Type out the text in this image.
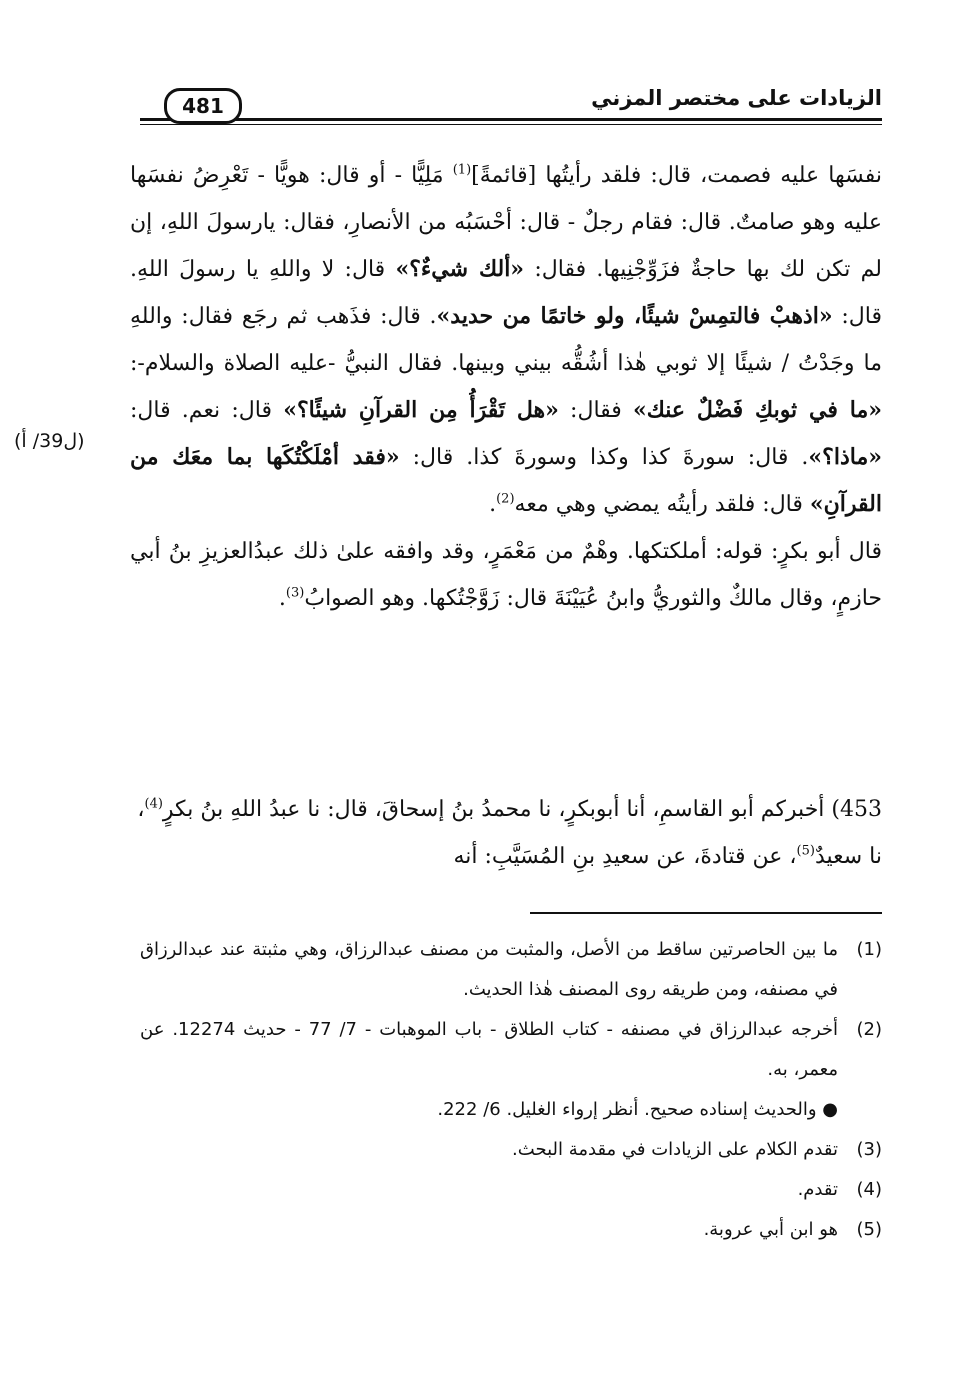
الزيادات على مختصر المزني
481
(ل39/ أ)

نفسَها عليه فصمت، قال: فلقد رأيتُها [قائمةً]$^{(1)}$ مَلِيًّا - أو قال: هويًّا - تَعْرِضُ نفسَها عليه وهو صامتٌ. قال: فقام رجلٌ - قال: أحْسَبُه من الأنصارِ، فقال: يارسولَ اللهِ، إن لم تكن لك بها حاجةٌ فزَوِّجْنِيها. فقال: «ألك شيءٌ؟» قال: لا واللهِ يا رسولَ اللهِ. قال: «اذهبْ فالتمِسْ شيئًا، ولو خاتمًا من حديد». قال: فذَهب ثم رجَع فقال: واللهِ ما وجَدْتُ / شيئًا إلا ثوبي هٰذا أشُقُّه بيني وبينها. فقال النبيُّ -عليه الصلاة والسلام-: «ما في ثوبكِ فَضْلٌ عنك» فقال: «هل تَقْرَأُ مِن القرآنِ شيئًا؟» قال: نعم. قال: «ماذا؟». قال: سورةَ كذا وكذا وسورةَ كذا. قال: «فقد أمْلَكْتُكَها بما معَك من القرآنِ» قال: فلقد رأيتُه يمضي وهي معه$^{(2)}$.

قال أبو بكرٍ: قوله: أملكتكها. وهْمٌ من مَعْمَرٍ، وقد وافقه علىٰ ذلك عبدُالعزيزِ بنُ أبي حازمٍ، وقال مالكٌ والثوريُّ وابنُ عُيَيْنَةَ قال: زَوَّجْتُكها. وهو الصوابُ$^{(3)}$.

453) أخبركم أبو القاسمِ، أنا أبوبكرٍ، نا محمدُ بنُ إسحاقَ، قال: نا عبدُ اللهِ بنُ بكرٍ$^{(4)}$، نا سعيدٌ$^{(5)}$، عن قتادةَ، عن سعيدِ بنِ المُسَيَّبِ: أنه
(1)
ما بين الحاصرتين ساقط من الأصل، والمثبت من مصنف عبدالرزاق، وهي مثبتة عند عبدالرزاق في مصنفه، ومن طريقه روى المصنف هٰذا الحديث.
(2)
أخرجه عبدالرزاق في مصنفه - كتاب الطلاق - باب الموهبات - 7/ 77 - حديث 12274. عن معمر، به.
● والحديث إسناده صحيح. أنظر إرواء الغليل. 6/ 222.
(3)
تقدم الكلام على الزيادات في مقدمة البحث.
(4)
تقدم.
(5)
هو ابن أبي عروبة.
